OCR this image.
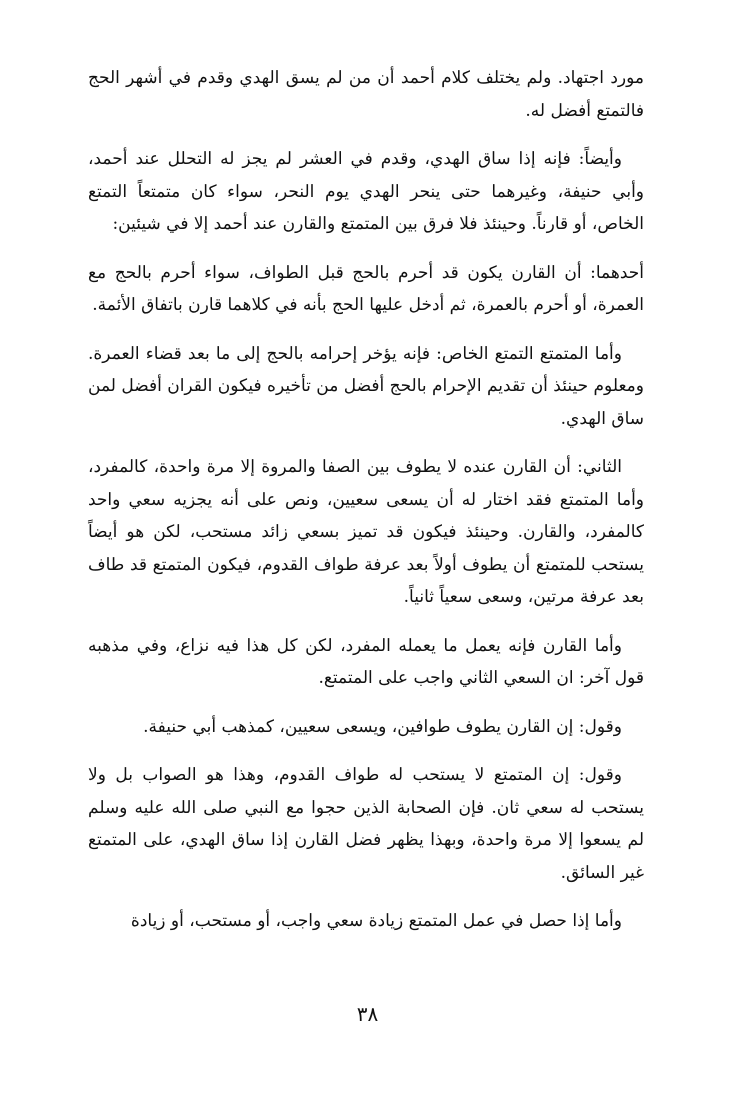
مورد اجتهاد. ولم يختلف كلام أحمد أن من لم يسق الهدي وقدم في أشهر الحج فالتمتع أفضل له.

وأيضاً: فإنه إذا ساق الهدي، وقدم في العشر لم يجز له التحلل عند أحمد، وأبي حنيفة، وغيرهما حتى ينحر الهدي يوم النحر، سواء كان متمتعاً التمتع الخاص، أو قارناً. وحينئذ فلا فرق بين المتمتع والقارن عند أحمد إلا في شيئين:

أحدهما: أن القارن يكون قد أحرم بالحج قبل الطواف، سواء أحرم بالحج مع العمرة، أو أحرم بالعمرة، ثم أدخل عليها الحج بأنه في كلاهما قارن باتفاق الأئمة.

وأما المتمتع التمتع الخاص: فإنه يؤخر إحرامه بالحج إلى ما بعد قضاء العمرة. ومعلوم حينئذ أن تقديم الإحرام بالحج أفضل من تأخيره فيكون القران أفضل لمن ساق الهدي.

الثاني: أن القارن عنده لا يطوف بين الصفا والمروة إلا مرة واحدة، كالمفرد، وأما المتمتع فقد اختار له أن يسعى سعيين، ونص على أنه يجزيه سعي واحد كالمفرد، والقارن. وحينئذ فيكون قد تميز بسعي زائد مستحب، لكن هو أيضاً يستحب للمتمتع أن يطوف أولاً بعد عرفة طواف القدوم، فيكون المتمتع قد طاف بعد عرفة مرتين، وسعى سعياً ثانياً.

وأما القارن فإنه يعمل ما يعمله المفرد، لكن كل هذا فيه نزاع، وفي مذهبه قول آخر: ان السعي الثاني واجب على المتمتع.

وقول: إن القارن يطوف طوافين، ويسعى سعيين، كمذهب أبي حنيفة.

وقول: إن المتمتع لا يستحب له طواف القدوم، وهذا هو الصواب بل ولا يستحب له سعي ثان. فإن الصحابة الذين حجوا مع النبي صلى الله عليه وسلم لم يسعوا إلا مرة واحدة، وبهذا يظهر فضل القارن إذا ساق الهدي، على المتمتع غير السائق.

وأما إذا حصل في عمل المتمتع زيادة سعي واجب، أو مستحب، أو زيادة

٣٨
